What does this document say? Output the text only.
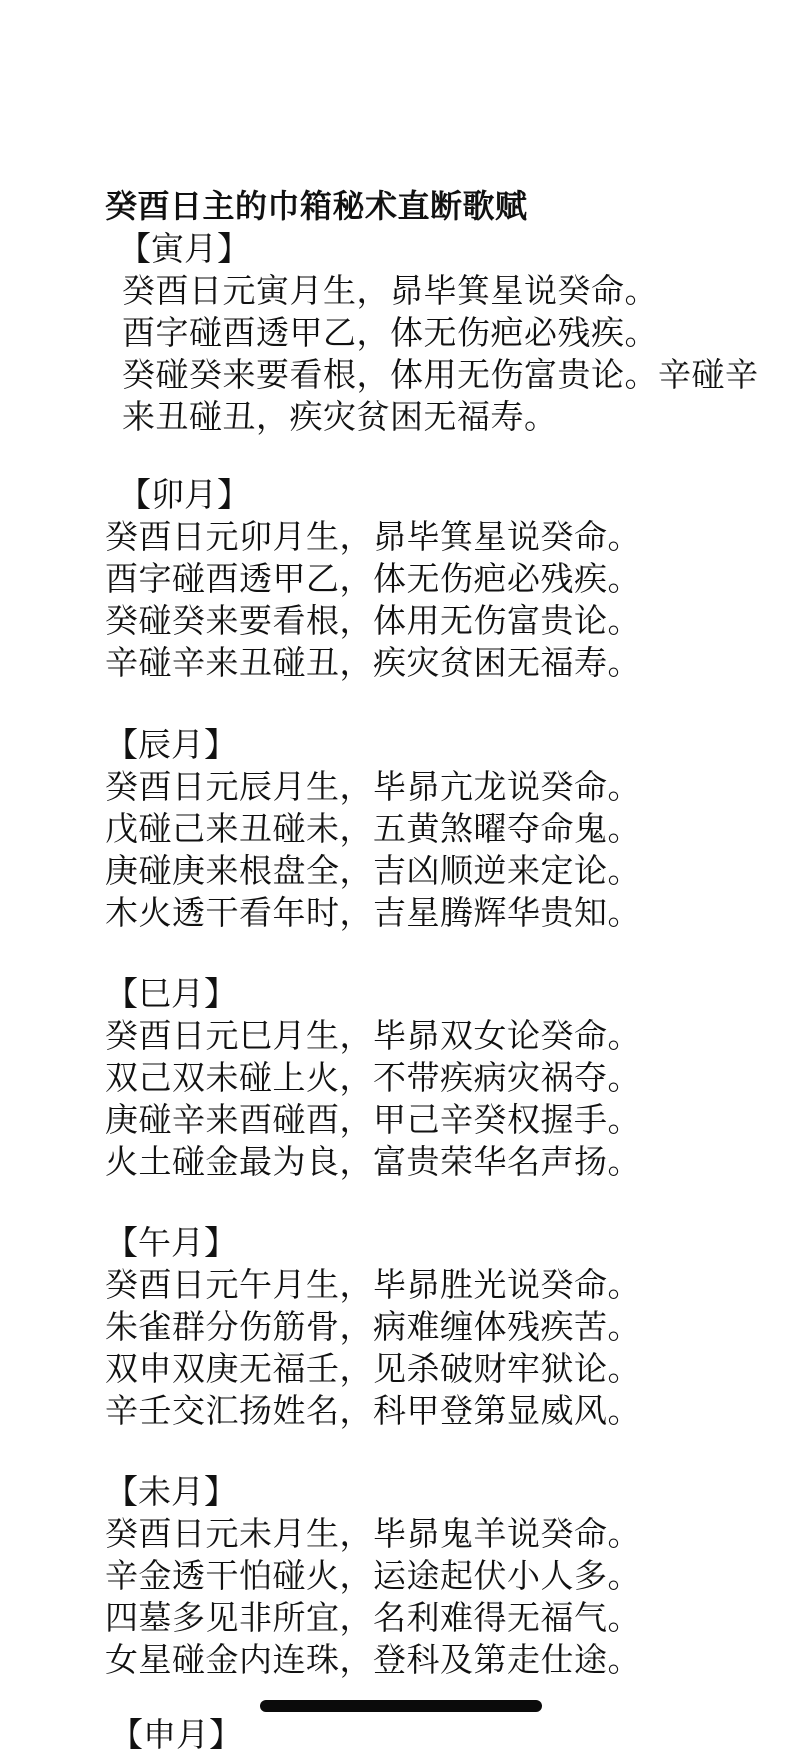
癸酉日主的巾箱秘术直断歌赋
【寅月】
癸酉日元寅月生，昴毕箕星说癸命。
酉字碰酉透甲乙，体无伤疤必残疾。
癸碰癸来要看根，体用无伤富贵论。辛碰辛
来丑碰丑，疾灾贫困无福寿。
【卯月】
癸酉日元卯月生，昴毕箕星说癸命。
酉字碰酉透甲乙，体无伤疤必残疾。
癸碰癸来要看根，体用无伤富贵论。
辛碰辛来丑碰丑，疾灾贫困无福寿。
【辰月】
癸酉日元辰月生，毕昴亢龙说癸命。
戊碰己来丑碰未，五黄煞曜夺命鬼。
庚碰庚来根盘全，吉凶顺逆来定论。
木火透干看年时，吉星腾辉华贵知。
【巳月】
癸酉日元巳月生，毕昴双女论癸命。
双己双未碰上火，不带疾病灾祸夺。
庚碰辛来酉碰酉，甲己辛癸权握手。
火土碰金最为良，富贵荣华名声扬。
【午月】
癸酉日元午月生，毕昴胜光说癸命。
朱雀群分伤筋骨，病难缠体残疾苦。
双申双庚无福壬，见杀破财牢狱论。
辛壬交汇扬姓名，科甲登第显威风。
【未月】
癸酉日元未月生，毕昴鬼羊说癸命。
辛金透干怕碰火，运途起伏小人多。
四墓多见非所宜，名利难得无福气。
女星碰金内连珠，登科及第走仕途。
【申月】
